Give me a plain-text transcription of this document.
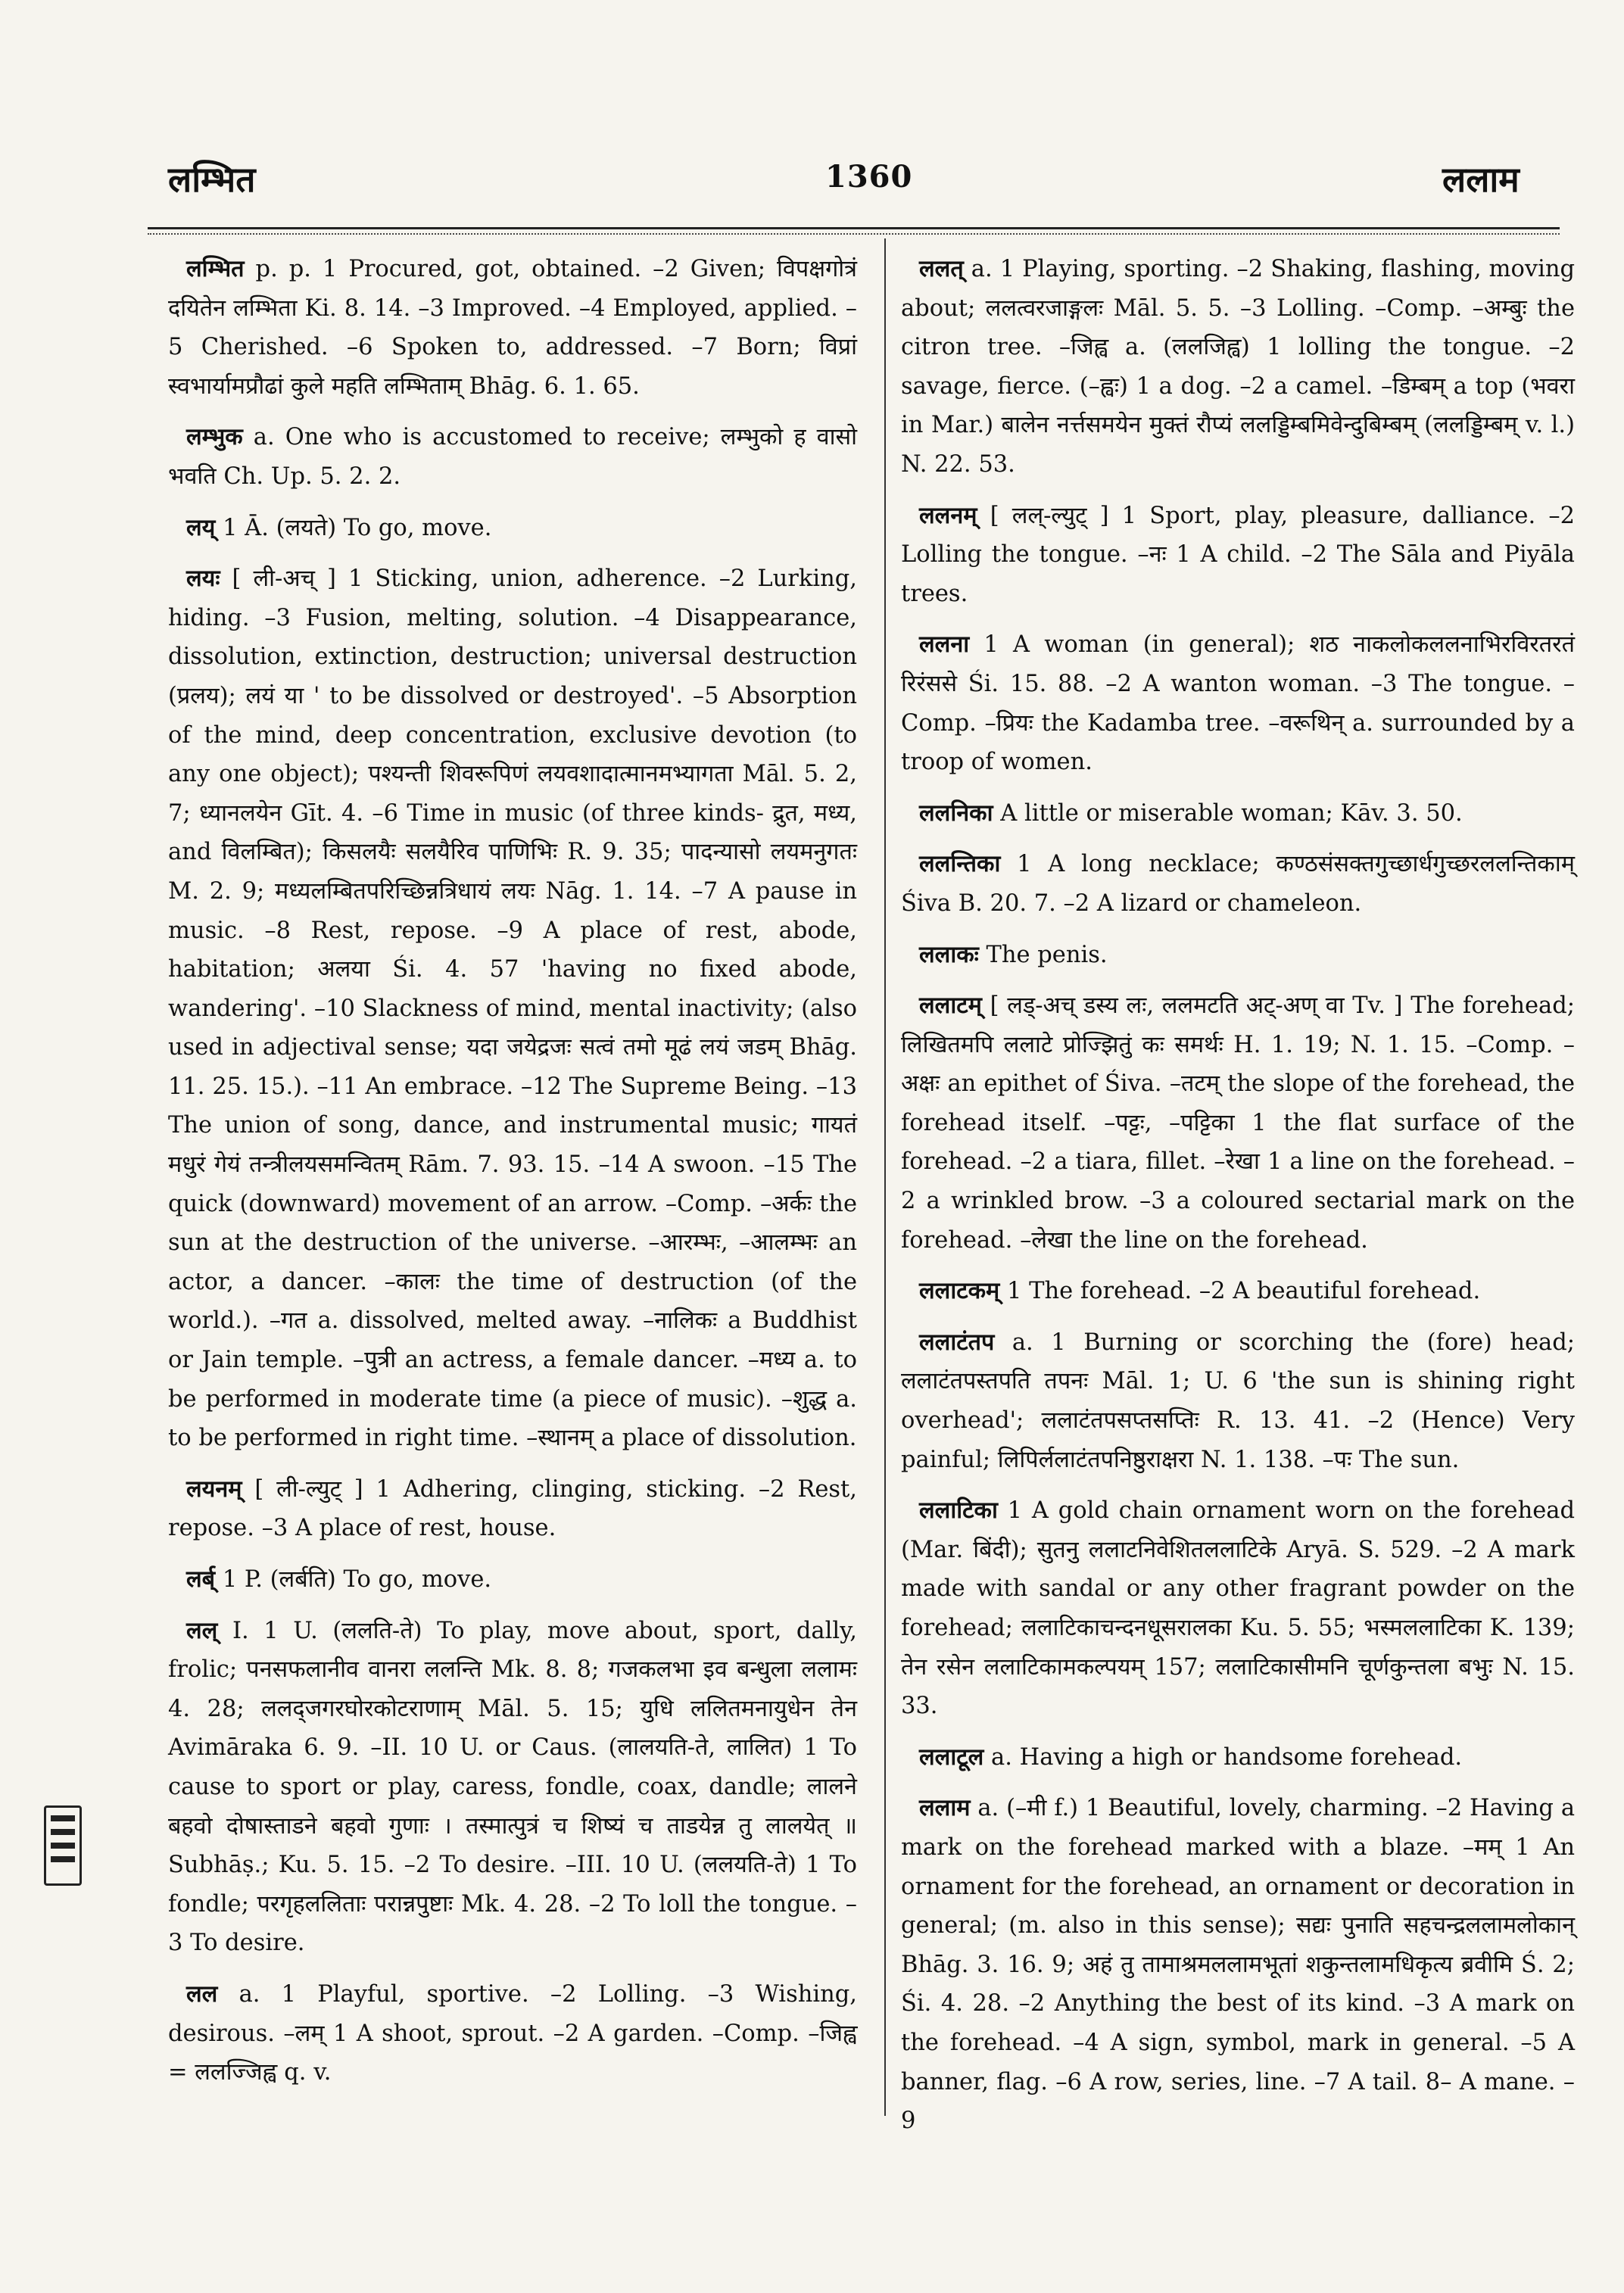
लम्भित	1360	ललाम

लम्भित p. p. 1 Procured, got, obtained. –2 Given; विपक्षगोत्रं दयितेन लम्भिता Ki. 8. 14. –3 Improved. –4 Employed, applied. –5 Cherished. –6 Spoken to, addressed. –7 Born; विप्रां स्वभार्यामप्रौढां कुले महति लम्भिताम् Bhāg. 6. 1. 65.

लम्भुक a. One who is accustomed to receive; लम्भुको ह वासो भवति Ch. Up. 5. 2. 2.

लय् 1 Ā. (लयते) To go, move.

लयः [ ली-अच् ] 1 Sticking, union, adherence. –2 Lurking, hiding. –3 Fusion, melting, solution. –4 Disappearance, dissolution, extinction, destruction; universal destruction (प्रलय); लयं या ' to be dissolved or destroyed'. –5 Absorption of the mind, deep concentration, exclusive devotion (to any one object); पश्यन्ती शिवरूपिणं लयवशादात्मानमभ्यागता Māl. 5. 2, 7; ध्यानलयेन Gīt. 4. –6 Time in music (of three kinds- द्रुत, मध्य, and विलम्बित); किसलयैः सलयैरिव पाणिभिः R. 9. 35; पादन्यासो लयमनुगतः M. 2. 9; मध्यलम्बितपरिच्छिन्नत्रिधायं लयः Nāg. 1. 14. –7 A pause in music. –8 Rest, repose. –9 A place of rest, abode, habitation; अलया Śi. 4. 57 'having no fixed abode, wandering'. –10 Slackness of mind, mental inactivity; (also used in adjectival sense; यदा जयेद्रजः सत्वं तमो मूढं लयं जडम् Bhāg. 11. 25. 15.). –11 An embrace. –12 The Supreme Being. –13 The union of song, dance, and instrumental music; गायतं मधुरं गेयं तन्त्रीलयसमन्वितम् Rām. 7. 93. 15. –14 A swoon. –15 The quick (downward) movement of an arrow. –Comp. –अर्कः the sun at the destruction of the universe. –आरम्भः, –आलम्भः an actor, a dancer. –कालः the time of destruction (of the world.). –गत a. dissolved, melted away. –नालिकः a Buddhist or Jain temple. –पुत्री an actress, a female dancer. –मध्य a. to be performed in moderate time (a piece of music). –शुद्ध a. to be performed in right time. –स्थानम् a place of dissolution.

लयनम् [ ली-ल्युट् ] 1 Adhering, clinging, sticking. –2 Rest, repose. –3 A place of rest, house.

लर्ब् 1 P. (लर्बति) To go, move.

लल् I. 1 U. (ललति-ते) To play, move about, sport, dally, frolic; पनसफलानीव वानरा ललन्ति Mk. 8. 8; गजकलभा इव बन्धुला ललामः 4. 28; ललद्जगरघोरकोटराणाम् Māl. 5. 15; युधि ललितमनायुधेन तेन Avimāraka 6. 9. –II. 10 U. or Caus. (लालयति-ते, लालित) 1 To cause to sport or play, caress, fondle, coax, dandle; लालने बहवो दोषास्ताडने बहवो गुणाः । तस्मात्पुत्रं च शिष्यं च ताडयेन्न तु लालयेत् ॥ Subhāṣ.; Ku. 5. 15. –2 To desire. –III. 10 U. (ललयति-ते) 1 To fondle; परगृहललिताः परान्नपुष्टाः Mk. 4. 28. –2 To loll the tongue. –3 To desire.

लल a. 1 Playful, sportive. –2 Lolling. –3 Wishing, desirous. –लम् 1 A shoot, sprout. –2 A garden. –Comp. –जिह्व = ललज्जिह्व q. v.

ललत् a. 1 Playing, sporting. –2 Shaking, flashing, moving about; ललत्वरजाङ्गलः Māl. 5. 5. –3 Lolling. –Comp. –अम्बुः the citron tree. –जिह्व a. (ललजिह्व) 1 lolling the tongue. –2 savage, fierce. (–ह्वः) 1 a dog. –2 a camel. –डिम्बम् a top (भवरा in Mar.) बालेन नर्त्तसमयेन मुक्तं रौप्यं ललड्डिम्बमिवेन्दुबिम्बम् (ललड्डिम्बम् v. l.) N. 22. 53.

ललनम् [ लल्-ल्युट् ] 1 Sport, play, pleasure, dalliance. –2 Lolling the tongue. –नः 1 A child. –2 The Sāla and Piyāla trees.

ललना 1 A woman (in general); शठ नाकलोकललनाभिरविरतरतं रिरंससे Śi. 15. 88. –2 A wanton woman. –3 The tongue. –Comp. –प्रियः the Kadamba tree. –वरूथिन् a. surrounded by a troop of women.

ललनिका A little or miserable woman; Kāv. 3. 50.

ललन्तिका 1 A long necklace; कण्ठसंसक्तगुच्छार्धगुच्छरललन्तिकाम् Śiva B. 20. 7. –2 A lizard or chameleon.

ललाकः The penis.

ललाटम् [ लड्-अच् डस्य लः, ललमटति अट्-अण् वा Tv. ] The forehead; लिखितमपि ललाटे प्रोज्झितुं कः समर्थः H. 1. 19; N. 1. 15. –Comp. –अक्षः an epithet of Śiva. –तटम् the slope of the forehead, the forehead itself. –पट्टः, –पट्टिका 1 the flat surface of the forehead. –2 a tiara, fillet. –रेखा 1 a line on the forehead. –2 a wrinkled brow. –3 a coloured sectarial mark on the forehead. –लेखा the line on the forehead.

ललाटकम् 1 The forehead. –2 A beautiful forehead.

ललाटंतप a. 1 Burning or scorching the (fore) head; ललाटंतपस्तपति तपनः Māl. 1; U. 6 'the sun is shining right overhead'; ललाटंतपसप्तसप्तिः R. 13. 41. –2 (Hence) Very painful; लिपिर्ललाटंतपनिष्ठुराक्षरा N. 1. 138. –पः The sun.

ललाटिका 1 A gold chain ornament worn on the forehead (Mar. बिंदी); सुतनु ललाटनिवेशितललाटिके Aryā. S. 529. –2 A mark made with sandal or any other fragrant powder on the forehead; ललाटिकाचन्दनधूसरालका Ku. 5. 55; भस्मललाटिका K. 139; तेन रसेन ललाटिकामकल्पयम् 157; ललाटिकासीमनि चूर्णकुन्तला बभुः N. 15. 33.

ललाटूल a. Having a high or handsome forehead.

ललाम a. (–मी f.) 1 Beautiful, lovely, charming. –2 Having a mark on the forehead marked with a blaze. –मम् 1 An ornament for the forehead, an ornament or decoration in general; (m. also in this sense); सद्यः पुनाति सहचन्द्रललामलोकान् Bhāg. 3. 16. 9; अहं तु तामाश्रमललामभूतां शकुन्तलामधिकृत्य ब्रवीमि Ś. 2; Śi. 4. 28. –2 Anything the best of its kind. –3 A mark on the forehead. –4 A sign, symbol, mark in general. –5 A banner, flag. –6 A row, series, line. –7 A tail. 8– A mane. –9
